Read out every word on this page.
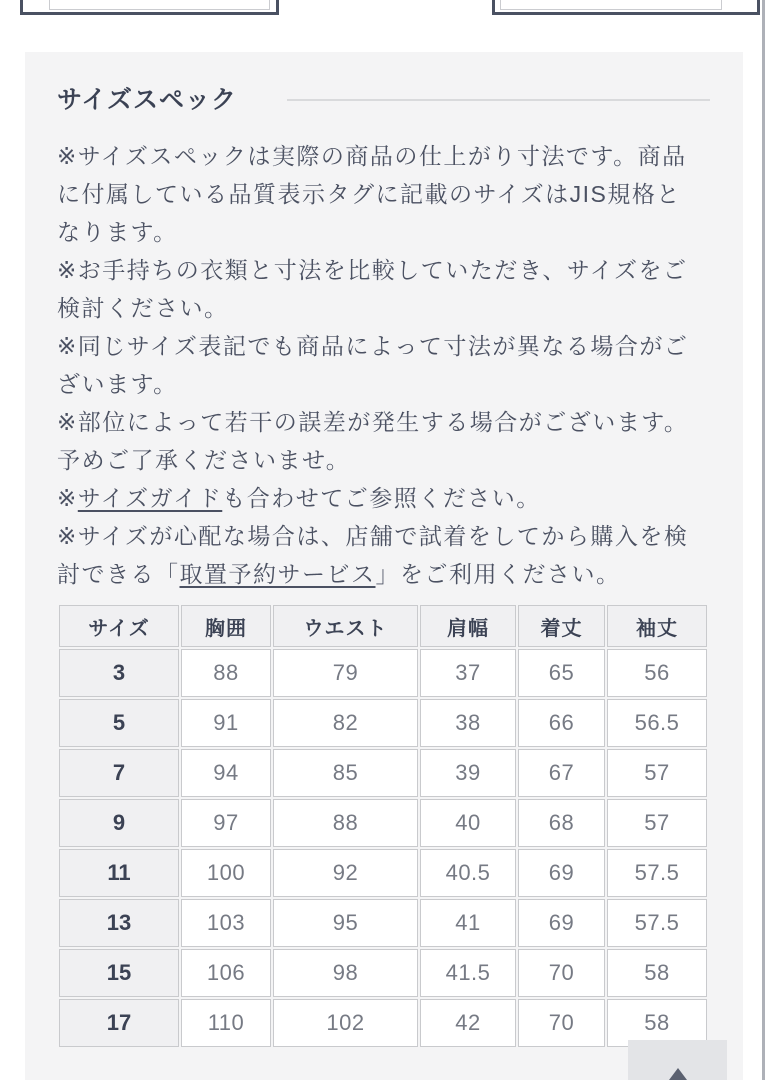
サイズスペック

※サイズスペックは実際の商品の仕上がり寸法です。商品
に付属している品質表示タグに記載のサイズはJIS規格と
なります。

※お手持ちの衣類と寸法を比較していただき、サイズをご
検討ください。

※同じサイズ表記でも商品によって寸法が異なる場合がご
ざいます。

※部位によって若干の誤差が発生する場合がございます。
予めご了承くださいませ。

※サイズガイドも合わせてご参照ください。

※サイズが心配な場合は、店舗で試着をしてから購入を検
討できる「取置予約サービス」をご利用ください。

サイズ	胸囲	ウエスト	肩幅	着丈	袖丈
3	88	79	37	65	56
5	91	82	38	66	56.5
7	94	85	39	67	57
9	97	88	40	68	57
11	100	92	40.5	69	57.5
13	103	95	41	69	57.5
15	106	98	41.5	70	58
17	110	102	42	70	58
